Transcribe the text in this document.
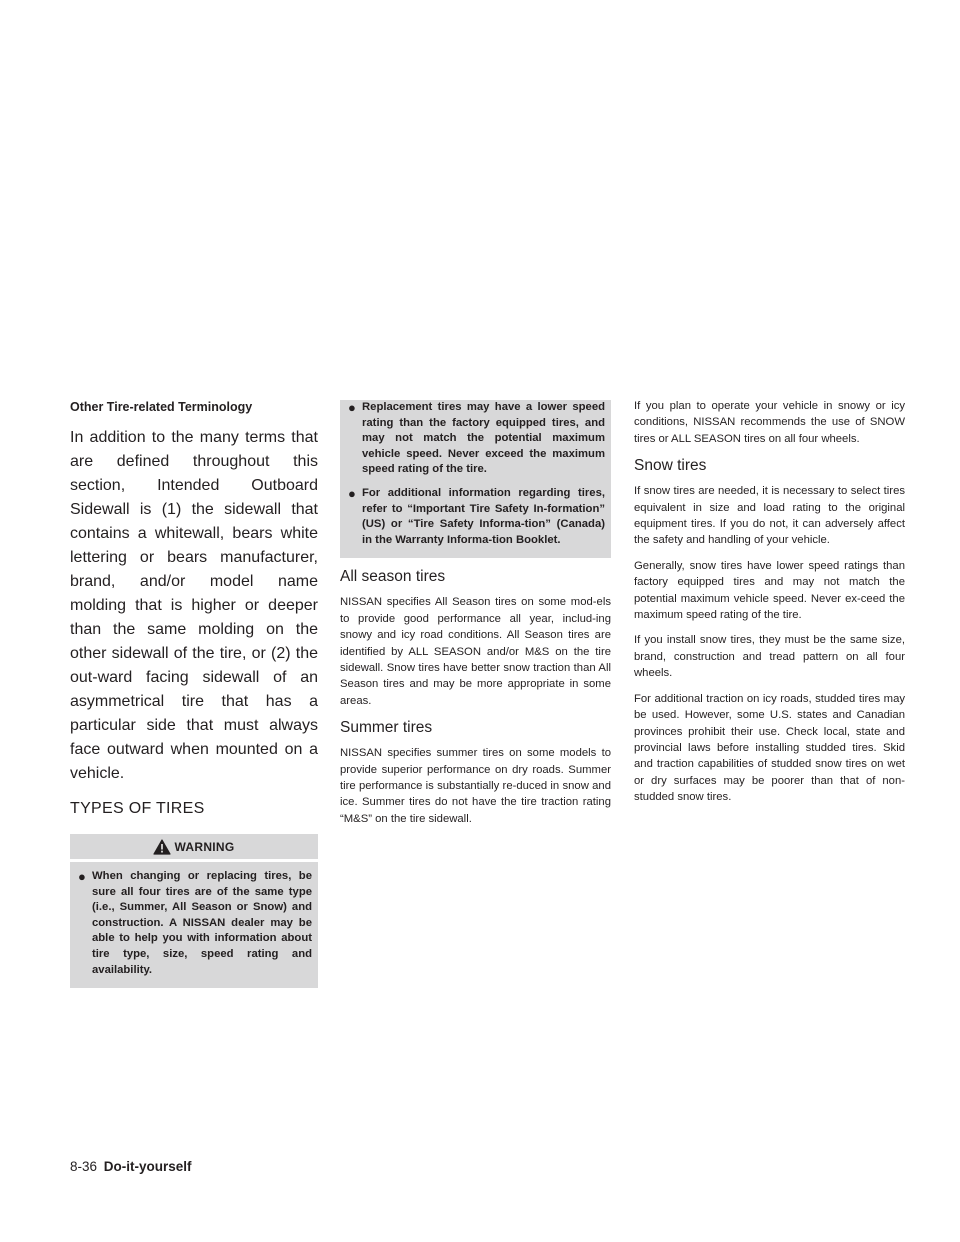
Other Tire-related Terminology

In addition to the many terms that are defined throughout this section, Intended Outboard Sidewall is (1) the sidewall that contains a whitewall, bears white lettering or bears manufacturer, brand, and/or model name molding that is higher or deeper than the same molding on the other sidewall of the tire, or (2) the out-ward facing sidewall of an asymmetrical tire that has a particular side that must always face outward when mounted on a vehicle.

TYPES OF TIRES
WARNING
● When changing or replacing tires, be sure all four tires are of the same type (i.e., Summer, All Season or Snow) and construction. A NISSAN dealer may be able to help you with information about tire type, size, speed rating and availability.
● Replacement tires may have a lower speed rating than the factory equipped tires, and may not match the potential maximum vehicle speed. Never exceed the maximum speed rating of the tire.
● For additional information regarding tires, refer to “Important Tire Safety In-formation” (US) or “Tire Safety Informa-tion” (Canada) in the Warranty Informa-tion Booklet.
All season tires

NISSAN specifies All Season tires on some mod-els to provide good performance all year, includ-ing snowy and icy road conditions. All Season tires are identified by ALL SEASON and/or M&S on the tire sidewall. Snow tires have better snow traction than All Season tires and may be more appropriate in some areas.

Summer tires

NISSAN specifies summer tires on some models to provide superior performance on dry roads. Summer tire performance is substantially re-duced in snow and ice. Summer tires do not have the tire traction rating “M&S” on the tire sidewall.

If you plan to operate your vehicle in snowy or icy conditions, NISSAN recommends the use of SNOW tires or ALL SEASON tires on all four wheels.

Snow tires

If snow tires are needed, it is necessary to select tires equivalent in size and load rating to the original equipment tires. If you do not, it can adversely affect the safety and handling of your vehicle.

Generally, snow tires have lower speed ratings than factory equipped tires and may not match the potential maximum vehicle speed. Never ex-ceed the maximum speed rating of the tire.

If you install snow tires, they must be the same size, brand, construction and tread pattern on all four wheels.

For additional traction on icy roads, studded tires may be used. However, some U.S. states and Canadian provinces prohibit their use. Check local, state and provincial laws before installing studded tires. Skid and traction capabilities of studded snow tires on wet or dry surfaces may be poorer than that of non-studded snow tires.

8-36 Do-it-yourself
